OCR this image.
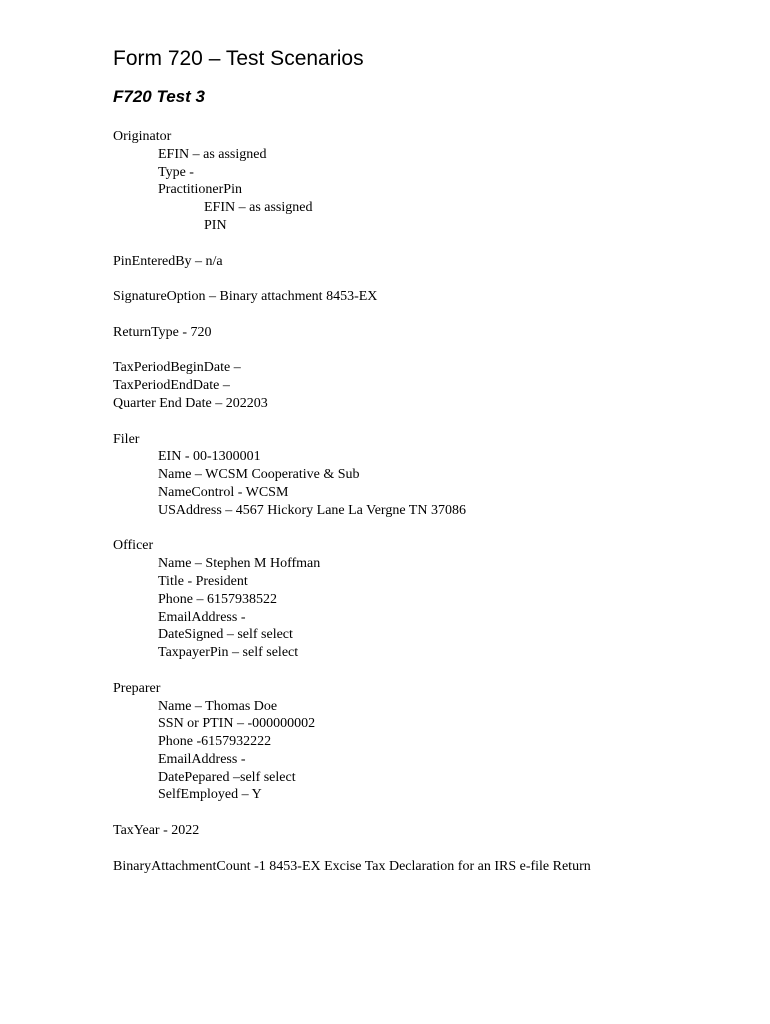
Form 720 – Test Scenarios
F720 Test 3
Originator
EFIN – as assigned
Type -
PractitionerPin
EFIN – as assigned
PIN
PinEnteredBy – n/a
SignatureOption – Binary attachment 8453-EX
ReturnType - 720
TaxPeriodBeginDate –
TaxPeriodEndDate –
Quarter End Date – 202203
Filer
EIN - 00-1300001
Name – WCSM Cooperative & Sub
NameControl - WCSM
USAddress – 4567 Hickory Lane La Vergne TN 37086
Officer
Name – Stephen M Hoffman
Title - President
Phone – 6157938522
EmailAddress -
DateSigned – self select
TaxpayerPin – self select
Preparer
Name – Thomas Doe
SSN or PTIN – -000000002
Phone -6157932222
EmailAddress -
DatePepared –self select
SelfEmployed – Y
TaxYear - 2022
BinaryAttachmentCount -1 8453-EX Excise Tax Declaration for an IRS e-file Return
